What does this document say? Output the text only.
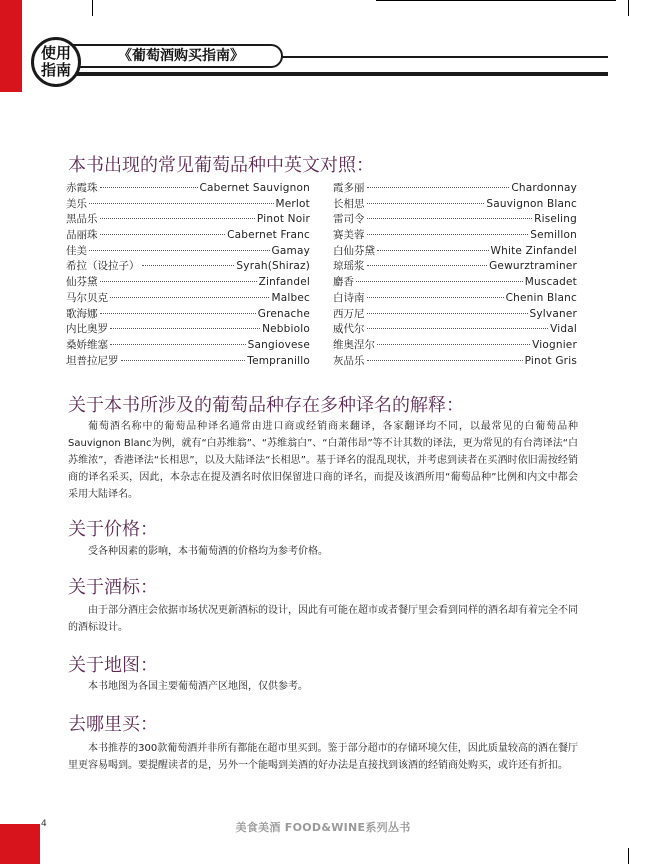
使用
指南
《葡萄酒购买指南》
本书出现的常见葡萄品种中英文对照：
赤霞珠	Cabernet Sauvignon
美乐	Merlot
黑品乐	Pinot Noir
品丽珠	Cabernet Franc
佳美	Gamay
希拉（设拉子）	Syrah(Shiraz)
仙芬黛	Zinfandel
马尔贝克	Malbec
歌海娜	Grenache
内比奥罗	Nebbiolo
桑娇维塞	Sangiovese
坦普拉尼罗	Tempranillo
霞多丽	Chardonnay
长相思	Sauvignon Blanc
雷司令	Riseling
赛美蓉	Semillon
白仙芬黛	White Zinfandel
琼瑶浆	Gewurztraminer
麝香	Muscadet
白诗南	Chenin Blanc
西万尼	Sylvaner
威代尔	Vidal
维奥涅尔	Viognier
灰品乐	Pinot Gris
关于本书所涉及的葡萄品种存在多种译名的解释：

葡萄酒名称中的葡萄品种译名通常由进口商或经销商来翻译，各家翻译均不同，以最常见的白葡萄品种Sauvignon Blanc为例，就有“白苏维翁”、“苏维翁白”、“白萧伟昂”等不计其数的译法，更为常见的有台湾译法“白苏维浓”，香港译法“长相思”，以及大陆译法“长相思”。基于译名的混乱现状，并考虑到读者在买酒时依旧需按经销商的译名采买，因此，本杂志在提及酒名时依旧保留进口商的译名，而提及该酒所用“葡萄品种”比例和内文中都会采用大陆译名。

关于价格：

受各种因素的影响，本书葡萄酒的价格均为参考价格。

关于酒标：

由于部分酒庄会依据市场状况更新酒标的设计，因此有可能在超市或者餐厅里会看到同样的酒名却有着完全不同的酒标设计。

关于地图：

本书地图为各国主要葡萄酒产区地图，仅供参考。

去哪里买：

本书推荐的300款葡萄酒并非所有都能在超市里买到。鉴于部分超市的存储环境欠佳，因此质量较高的酒在餐厅里更容易喝到。要提醒读者的是，另外一个能喝到美酒的好办法是直接找到该酒的经销商处购买，或许还有折扣。

4	美食美酒 FOOD&WINE系列丛书
